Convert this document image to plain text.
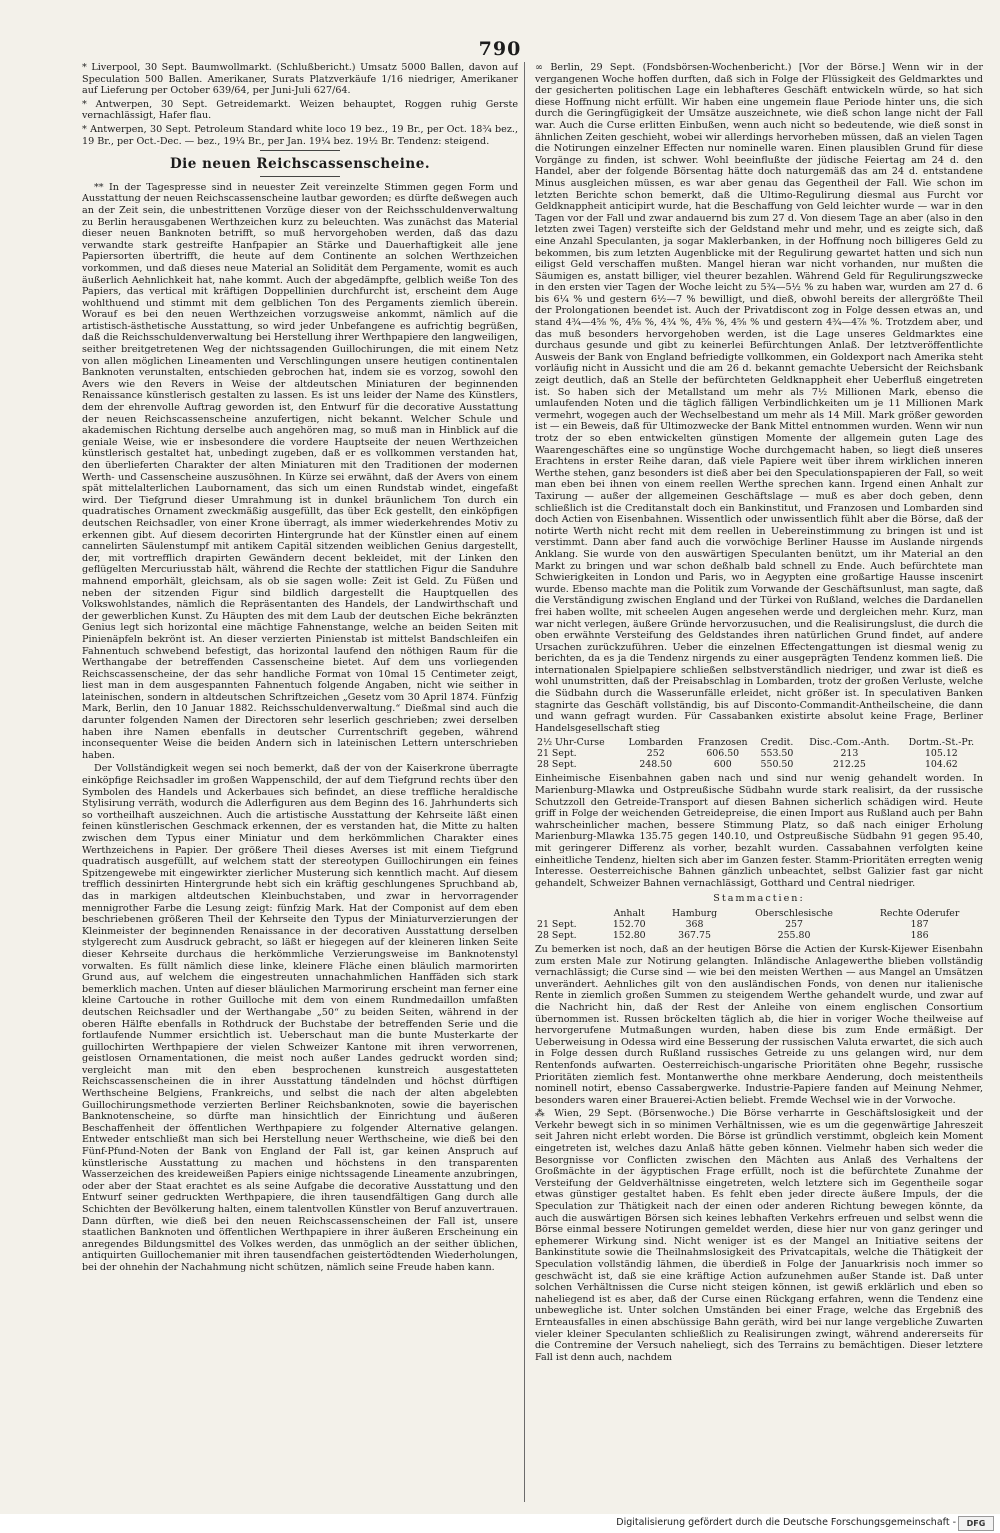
790

* Liverpool, 30 Sept. Baumwollmarkt. (Schlußbericht.) Umsatz 5000 Ballen, davon auf Speculation 500 Ballen. Amerikaner, Surats Platzverkäufe 1/16 niedriger, Amerikaner auf Lieferung per October 639/64, per Juni-Juli 627/64.

* Antwerpen, 30 Sept. Getreidemarkt. Weizen behauptet, Roggen ruhig Gerste vernachlässigt, Hafer flau.

* Antwerpen, 30 Sept. Petroleum Standard white loco 19 bez., 19 Br., per Oct. 18¾ bez., 19 Br., per Oct.-Dec. — bez., 19¼ Br., per Jan. 19¼ bez. 19½ Br. Tendenz: steigend.

Die neuen Reichscassenscheine.

** In der Tagespresse sind in neuester Zeit vereinzelte Stimmen gegen Form und Ausstattung der neuen Reichscassenscheine lautbar geworden; es dürfte deßwegen auch an der Zeit sein, die unbestrittenen Vorzüge dieser von der Reichsschuldenverwaltung zu Berlin herausgabenen Werthzeichen kurz zu beleuchten. Was zunächst das Material dieser neuen Banknoten betrifft, so muß hervorgehoben werden, daß das dazu verwandte stark gestreifte Hanfpapier an Stärke und Dauerhaftigkeit alle jene Papiersorten übertrifft, die heute auf dem Continente an solchen Werthzeichen vorkommen, und daß dieses neue Material an Solidität dem Pergamente, womit es auch äußerlich Aehnlichkeit hat, nahe kommt. Auch der abgedämpfte, gelblich weiße Ton des Papiers, das vertical mit kräftigen Doppellinien durchfurcht ist, erscheint dem Auge wohlthuend und stimmt mit dem gelblichen Ton des Pergaments ziemlich überein. Worauf es bei den neuen Werthzeichen vorzugsweise ankommt, nämlich auf die artistisch-ästhetische Ausstattung, so wird jeder Unbefangene es aufrichtig begrüßen, daß die Reichsschuldenverwaltung bei Herstellung ihrer Werthpapiere den langweiligen, seither breitgetretenen Weg der nichtssagenden Guillochirungen, die mit einem Netz von allen möglichen Lineamenten und Verschlingungen unsere heutigen continentalen Banknoten verunstalten, entschieden gebrochen hat, indem sie es vorzog, sowohl den Avers wie den Revers in Weise der altdeutschen Miniaturen der beginnenden Renaissance künstlerisch gestalten zu lassen. Es ist uns leider der Name des Künstlers, dem der ehrenvolle Auftrag geworden ist, den Entwurf für die decorative Ausstattung der neuen Reichscassenscheine anzufertigen, nicht bekannt. Welcher Schule und akademischen Richtung derselbe auch angehören mag, so muß man in Hinblick auf die geniale Weise, wie er insbesondere die vordere Hauptseite der neuen Werthzeichen künstlerisch gestaltet hat, unbedingt zugeben, daß er es vollkommen verstanden hat, den überlieferten Charakter der alten Miniaturen mit den Traditionen der modernen Werth- und Cassenscheine auszusöhnen. In Kürze sei erwähnt, daß der Avers von einem spät mittelalterlichen Laubornament, das sich um einen Rundstab windet, eingefaßt wird. Der Tiefgrund dieser Umrahmung ist in dunkel bräunlichem Ton durch ein quadratisches Ornament zweckmäßig ausgefüllt, das über Eck gestellt, den einköpfigen deutschen Reichsadler, von einer Krone überragt, als immer wiederkehrendes Motiv zu erkennen gibt. Auf diesem decorirten Hintergrunde hat der Künstler einen auf einem cannelirten Säulenstumpf mit antikem Capitäl sitzenden weiblichen Genius dargestellt, der, mit vortrefflich drapirten Gewändern decent bekleidet, mit der Linken den geflügelten Mercuriusstab hält, während die Rechte der stattlichen Figur die Sanduhre mahnend emporhält, gleichsam, als ob sie sagen wolle: Zeit ist Geld. Zu Füßen und neben der sitzenden Figur sind bildlich dargestellt die Hauptquellen des Volkswohlstandes, nämlich die Repräsentanten des Handels, der Landwirthschaft und der gewerblichen Kunst. Zu Häupten des mit dem Laub der deutschen Eiche bekränzten Genius legt sich horizontal eine mächtige Fahnenstange, welche an beiden Seiten mit Pinienäpfeln bekrönt ist. An dieser verzierten Pinienstab ist mittelst Bandschleifen ein Fahnentuch schwebend befestigt, das horizontal laufend den nöthigen Raum für die Werthangabe der betreffenden Cassenscheine bietet. Auf dem uns vorliegenden Reichscassenscheine, der das sehr handliche Format von 10mal 15 Centimeter zeigt, liest man in dem ausgespannten Fahnentuch folgende Angaben, nicht wie seither in lateinischen, sondern in altdeutschen Schriftzeichen „Gesetz vom 30 April 1874. Fünfzig Mark, Berlin, den 10 Januar 1882. Reichsschuldenverwaltung.“ Dießmal sind auch die darunter folgenden Namen der Directoren sehr leserlich geschrieben; zwei derselben haben ihre Namen ebenfalls in deutscher Currentschrift gegeben, während inconsequenter Weise die beiden Andern sich in lateinischen Lettern unterschrieben haben.

Der Vollständigkeit wegen sei noch bemerkt, daß der von der Kaiserkrone überragte einköpfige Reichsadler im großen Wappenschild, der auf dem Tiefgrund rechts über den Symbolen des Handels und Ackerbaues sich befindet, an diese treffliche heraldische Stylisirung verräth, wodurch die Adlerfiguren aus dem Beginn des 16. Jahrhunderts sich so vortheilhaft auszeichnen. Auch die artistische Ausstattung der Kehrseite läßt einen feinen künstlerischen Geschmack erkennen, der es verstanden hat, die Mitte zu halten zwischen dem Typus einer Miniatur und dem herkömmlichen Charakter eines Werthzeichens in Papier. Der größere Theil dieses Averses ist mit einem Tiefgrund quadratisch ausgefüllt, auf welchem statt der stereotypen Guillochirungen ein feines Spitzengewebe mit eingewirkter zierlicher Musterung sich kenntlich macht. Auf diesem trefflich dessinirten Hintergrunde hebt sich ein kräftig geschlungenes Spruchband ab, das in markigen altdeutschen Kleinbuchstaben, und zwar in hervorragender mennigrother Farbe die Lesung zeigt: fünfzig Mark. Hat der Componist auf dem eben beschriebenen größeren Theil der Kehrseite den Typus der Miniaturverzierungen der Kleinmeister der beginnenden Renaissance in der decorativen Ausstattung derselben stylgerecht zum Ausdruck gebracht, so läßt er hiegegen auf der kleineren linken Seite dieser Kehrseite durchaus die herkömmliche Verzierungsweise im Banknotenstyl vorwalten. Es füllt nämlich diese linke, kleinere Fläche einen bläulich marmorirten Grund aus, auf welchem die eingestreuten unnachahmlichen Hanffäden sich stark bemerklich machen. Unten auf dieser bläulichen Marmorirung erscheint man ferner eine kleine Cartouche in rother Guilloche mit dem von einem Rundmedaillon umfaßten deutschen Reichsadler und der Werthangabe „50“ zu beiden Seiten, während in der oberen Hälfte ebenfalls in Rothdruck der Buchstabe der betreffenden Serie und die fortlaufende Nummer ersichtlich ist. Ueberschaut man die bunte Musterkarte der guillochirten Werthpapiere der vielen Schweizer Kantone mit ihren verworrenen, geistlosen Ornamentationen, die meist noch außer Landes gedruckt worden sind; vergleicht man mit den eben besprochenen kunstreich ausgestatteten Reichscassenscheinen die in ihrer Ausstattung tändelnden und höchst dürftigen Werthscheine Belgiens, Frankreichs, und selbst die nach der alten abgelebten Guillochirungsmethode verzierten Berliner Reichsbanknoten, sowie die bayerischen Banknotenscheine, so dürfte man hinsichtlich der Einrichtung und äußeren Beschaffenheit der öffentlichen Werthpapiere zu folgender Alternative gelangen. Entweder entschließt man sich bei Herstellung neuer Werthscheine, wie dieß bei den Fünf-Pfund-Noten der Bank von England der Fall ist, gar keinen Anspruch auf künstlerische Ausstattung zu machen und höchstens in den transparenten Wasserzeichen des kreideweißen Papiers einige nichtssagende Lineamente anzubringen, oder aber der Staat erachtet es als seine Aufgabe die decorative Ausstattung und den Entwurf seiner gedruckten Werthpapiere, die ihren tausendfältigen Gang durch alle Schichten der Bevölkerung halten, einem talentvollen Künstler von Beruf anzuvertrauen. Dann dürften, wie dieß bei den neuen Reichscassenscheinen der Fall ist, unsere staatlichen Banknoten und öffentlichen Werthpapiere in ihrer äußeren Erscheinung ein anregendes Bildungsmittel des Volkes werden, das unmöglich an der seither üblichen, antiquirten Guillochemanier mit ihren tausendfachen geistertödtenden Wiederholungen, bei der ohnehin der Nachahmung nicht schützen, nämlich seine Freude haben kann.

∞ Berlin, 29 Sept. (Fondsbörsen-Wochenbericht.) [Vor der Börse.] Wenn wir in der vergangenen Woche hoffen durften, daß sich in Folge der Flüssigkeit des Geldmarktes und der gesicherten politischen Lage ein lebhafteres Geschäft entwickeln würde, so hat sich diese Hoffnung nicht erfüllt. Wir haben eine ungemein flaue Periode hinter uns, die sich durch die Geringfügigkeit der Umsätze auszeichnete, wie dieß schon lange nicht der Fall war. Auch die Curse erlitten Einbußen, wenn auch nicht so bedeutende, wie dieß sonst in ähnlichen Zeiten geschieht, wobei wir allerdings hervorheben müssen, daß an vielen Tagen die Notirungen einzelner Effecten nur nominelle waren. Einen plausiblen Grund für diese Vorgänge zu finden, ist schwer. Wohl beeinflußte der jüdische Feiertag am 24 d. den Handel, aber der folgende Börsentag hätte doch naturgemäß das am 24 d. entstandene Minus ausgleichen müssen, es war aber genau das Gegentheil der Fall. Wie schon im letzten Berichte schon bemerkt, daß die Ultimo-Regulirung diesmal aus Furcht vor Geldknappheit anticipirt wurde, hat die Beschaffung von Geld leichter wurde — war in den Tagen vor der Fall und zwar andauernd bis zum 27 d. Von diesem Tage an aber (also in den letzten zwei Tagen) versteifte sich der Geldstand mehr und mehr, und es zeigte sich, daß eine Anzahl Speculanten, ja sogar Maklerbanken, in der Hoffnung noch billigeres Geld zu bekommen, bis zum letzten Augenblicke mit der Regulirung gewartet hatten und sich nun eiligst Geld verschaffen mußten. Mangel hieran war nicht vorhanden, nur mußten die Säumigen es, anstatt billiger, viel theurer bezahlen. Während Geld für Regulirungszwecke in den ersten vier Tagen der Woche leicht zu 5¾—5½ % zu haben war, wurden am 27 d. 6 bis 6¼ % und gestern 6½—7 % bewilligt, und dieß, obwohl bereits der allergrößte Theil der Prolongationen beendet ist. Auch der Privatdiscont zog in Folge dessen etwas an, und stand 4¾—4⅝ %, 4⅝ %, 4¾ %, 4⅝ %, 4⅝ % und gestern 4¾—4⅞ %. Trotzdem aber, und das muß besonders hervorgehoben werden, ist die Lage unseres Geldmarktes eine durchaus gesunde und gibt zu keinerlei Befürchtungen Anlaß. Der letztveröffentlichte Ausweis der Bank von England befriedigte vollkommen, ein Goldexport nach Amerika steht vorläufig nicht in Aussicht und die am 26 d. bekannt gemachte Uebersicht der Reichsbank zeigt deutlich, daß an Stelle der befürchteten Geldknappheit eher Ueberfluß eingetreten ist. So haben sich der Metallstand um mehr als 7½ Millionen Mark, ebenso die umlaufenden Noten und die täglich fälligen Verbindlichkeiten um je 11 Millionen Mark vermehrt, wogegen auch der Wechselbestand um mehr als 14 Mill. Mark größer geworden ist — ein Beweis, daß für Ultimozwecke der Bank Mittel entnommen wurden. Wenn wir nun trotz der so eben entwickelten günstigen Momente der allgemein guten Lage des Waarengeschäftes eine so ungünstige Woche durchgemacht haben, so liegt dieß unseres Erachtens in erster Reihe daran, daß viele Papiere weit über ihrem wirklichen inneren Werthe stehen, ganz besonders ist dieß aber bei den Speculationspapieren der Fall, so weit man eben bei ihnen von einem reellen Werthe sprechen kann. Irgend einen Anhalt zur Taxirung — außer der allgemeinen Geschäftslage — muß es aber doch geben, denn schließlich ist die Creditanstalt doch ein Bankinstitut, und Franzosen und Lombarden sind doch Actien von Eisenbahnen. Wissentlich oder unwissentlich fühlt aber die Börse, daß der notirte Werth nicht recht mit dem reellen in Uebereinstimmung zu bringen ist und ist verstimmt. Dann aber fand auch die vorwöchige Berliner Hausse im Auslande nirgends Anklang. Sie wurde von den auswärtigen Speculanten benützt, um ihr Material an den Markt zu bringen und war schon deßhalb bald schnell zu Ende. Auch befürchtete man Schwierigkeiten in London und Paris, wo in Aegypten eine großartige Hausse inscenirt wurde. Ebenso machte man die Politik zum Vorwande der Geschäftsunlust, man sagte, daß die Verständigung zwischen England und der Türkei von Rußland, welches die Dardanellen frei haben wollte, mit scheelen Augen angesehen werde und dergleichen mehr. Kurz, man war nicht verlegen, äußere Gründe hervorzusuchen, und die Realisirungslust, die durch die oben erwähnte Versteifung des Geldstandes ihren natürlichen Grund findet, auf andere Ursachen zurückzuführen. Ueber die einzelnen Effectengattungen ist diesmal wenig zu berichten, da es ja die Tendenz nirgends zu einer ausgeprägten Tendenz kommen ließ. Die internationalen Spielpapiere schließen selbstverständlich niedriger, und zwar ist dieß es wohl unumstritten, daß der Preisabschlag in Lombarden, trotz der großen Verluste, welche die Südbahn durch die Wasserunfälle erleidet, nicht größer ist. In speculativen Banken stagnirte das Geschäft vollständig, bis auf Disconto-Commandit-Antheilscheine, die dann und wann gefragt wurden. Für Cassabanken existirte absolut keine Frage, Berliner Handelsgesellschaft stieg

2½ Uhr-Curse	Lombarden	Franzosen	Credit.	Disc.-Com.-Anth.	Dortm.-St.-Pr.
21 Sept.	252	606.50	553.50	213	105.12
28 Sept.	248.50	600	550.50	212.25	104.62

Einheimische Eisenbahnen gaben nach und sind nur wenig gehandelt worden. In Marienburg-Mlawka und Ostpreußische Südbahn wurde stark realisirt, da der russische Schutzzoll den Getreide-Transport auf diesen Bahnen sicherlich schädigen wird. Heute griff in Folge der weichenden Getreidepreise, die einen Import aus Rußland auch per Bahn wahrscheinlicher machen, bessere Stimmung Platz, so daß nach einiger Erholung Marienburg-Mlawka 135.75 gegen 140.10, und Ostpreußische Südbahn 91 gegen 95.40, mit geringerer Differenz als vorher, bezahlt wurden. Cassabahnen verfolgten keine einheitliche Tendenz, hielten sich aber im Ganzen fester. Stamm-Prioritäten erregten wenig Interesse. Oesterreichische Bahnen gänzlich unbeachtet, selbst Galizier fast gar nicht gehandelt, Schweizer Bahnen vernachlässigt, Gotthard und Central niedriger.

Stammactien:

	Anhalt	Hamburg	Oberschlesische	Rechte Oderufer
21 Sept.	152.70	368	257	187
28 Sept.	152.80	367.75	255.80	186

Zu bemerken ist noch, daß an der heutigen Börse die Actien der Kursk-Kijewer Eisenbahn zum ersten Male zur Notirung gelangten. Inländische Anlagewerthe blieben vollständig vernachlässigt; die Curse sind — wie bei den meisten Werthen — aus Mangel an Umsätzen unverändert. Aehnliches gilt von den ausländischen Fonds, von denen nur italienische Rente in ziemlich großen Summen zu steigendem Werthe gehandelt wurde, und zwar auf die Nachricht hin, daß der Rest der Anleihe von einem englischen Consortium übernommen ist. Russen bröckelten täglich ab, die hier in voriger Woche theilweise auf hervorgerufene Mutmaßungen wurden, haben diese bis zum Ende ermäßigt. Der Ueberweisung in Odessa wird eine Besserung der russischen Valuta erwartet, die sich auch in Folge dessen durch Rußland russisches Getreide zu uns gelangen wird, nur dem Rentenfonds aufwarten. Oesterreichisch-ungarische Prioritäten ohne Begehr, russische Prioritäten ziemlich fest. Montanwerthe ohne merkbare Aenderung, doch meistentheils nominell notirt, ebenso Cassabergwerke. Industrie-Papiere fanden auf Meinung Nehmer, besonders waren einer Brauerei-Actien beliebt. Fremde Wechsel wie in der Vorwoche.

⁂ Wien, 29 Sept. (Börsenwoche.) Die Börse verharrte in Geschäftslosigkeit und der Verkehr bewegt sich in so minimen Verhältnissen, wie es um die gegenwärtige Jahreszeit seit Jahren nicht erlebt worden. Die Börse ist gründlich verstimmt, obgleich kein Moment eingetreten ist, welches dazu Anlaß hätte geben können. Vielmehr haben sich weder die Besorgnisse vor Conflicten zwischen den Mächten aus Anlaß des Verhaltens der Großmächte in der ägyptischen Frage erfüllt, noch ist die befürchtete Zunahme der Versteifung der Geldverhältnisse eingetreten, welch letztere sich im Gegentheile sogar etwas günstiger gestaltet haben. Es fehlt eben jeder directe äußere Impuls, der die Speculation zur Thätigkeit nach der einen oder anderen Richtung bewegen könnte, da auch die auswärtigen Börsen sich keines lebhaften Verkehrs erfreuen und selbst wenn die Börse einmal bessere Notirungen gemeldet werden, diese hier nur von ganz geringer und ephemerer Wirkung sind. Nicht weniger ist es der Mangel an Initiative seitens der Bankinstitute sowie die Theilnahmslosigkeit des Privatcapitals, welche die Thätigkeit der Speculation vollständig lähmen, die überdieß in Folge der Januarkrisis noch immer so geschwächt ist, daß sie eine kräftige Action aufzunehmen außer Stande ist. Daß unter solchen Verhältnissen die Curse nicht steigen können, ist gewiß erklärlich und eben so naheliegend ist es aber, daß der Curse einen Rückgang erfahren, wenn die Tendenz eine unbewegliche ist. Unter solchen Umständen bei einer Frage, welche das Ergebniß des Ernteausfalles in einen abschüssige Bahn geräth, wird bei nur lange vergebliche Zuwarten vieler kleiner Speculanten schließlich zu Realisirungen zwingt, während andererseits für die Contremine der Versuch naheliegt, sich des Terrains zu bemächtigen. Dieser letztere Fall ist denn auch, nachdem

Digitalisierung gefördert durch die Deutsche Forschungsgemeinschaft -	DFG
